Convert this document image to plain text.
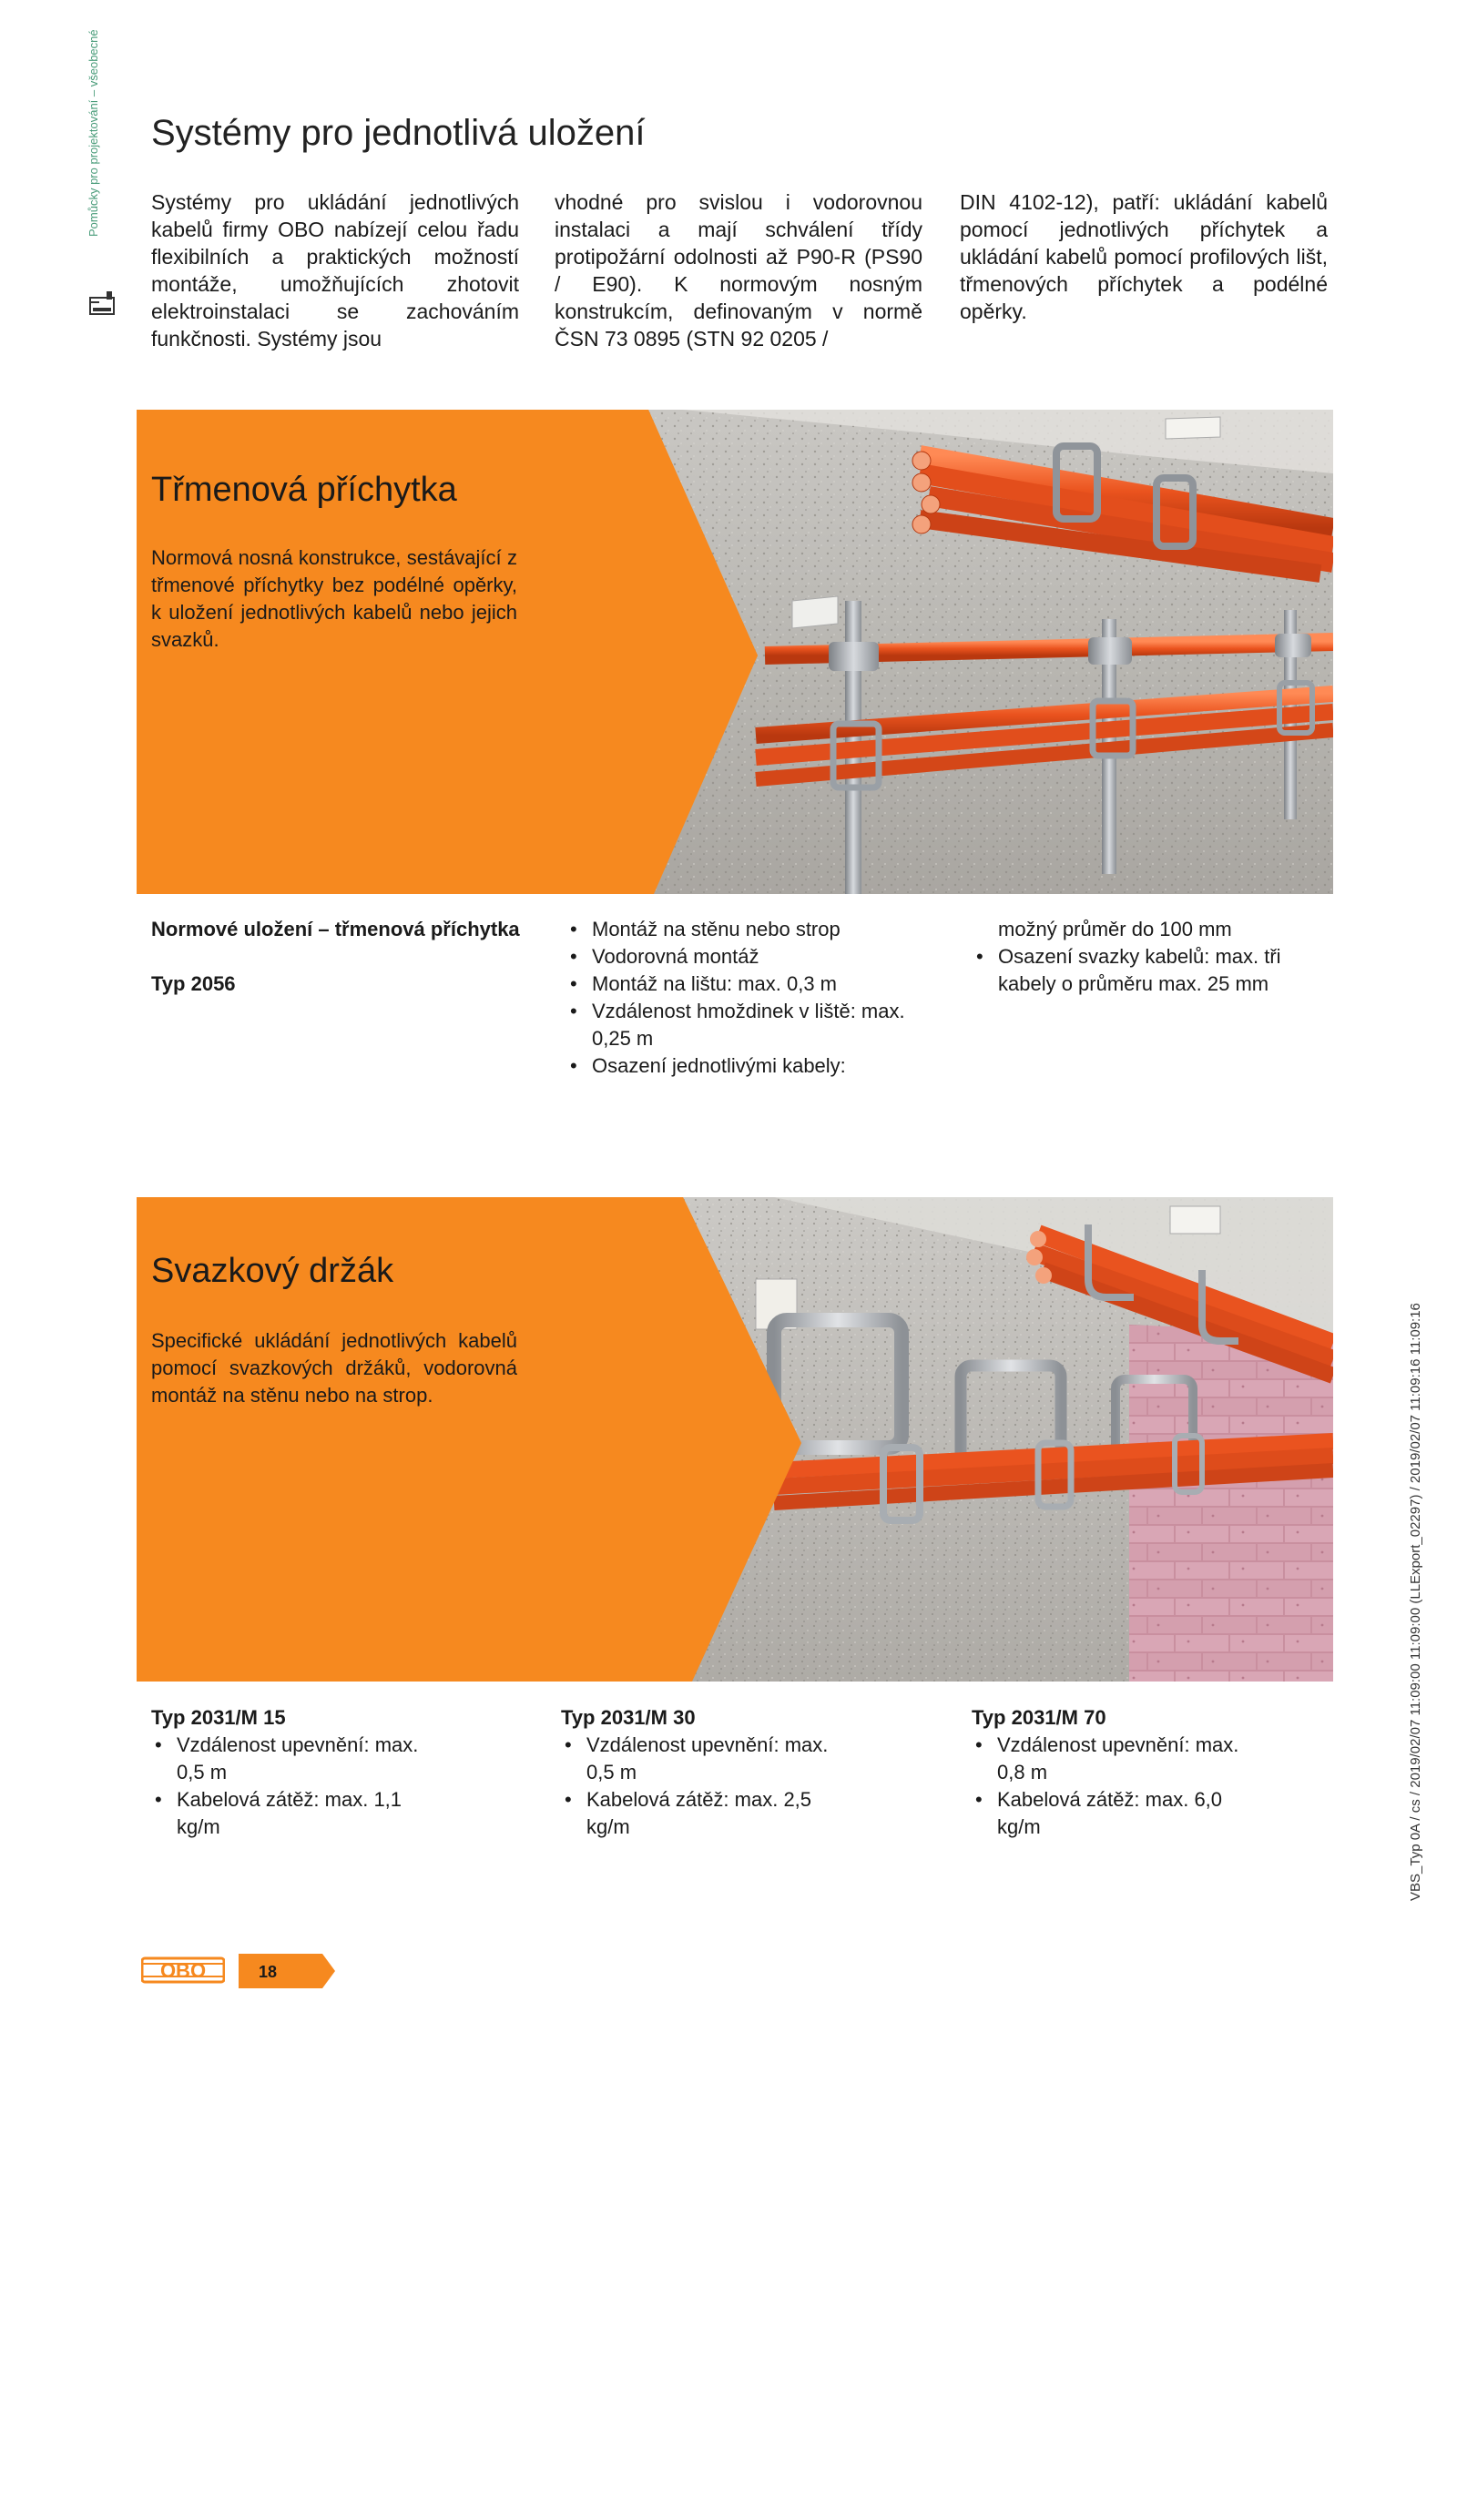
Pomůcky pro projektování – všeobecné Systémy pro jednotlivá uložení
Systémy pro ukládání jednotlivých kabelů firmy OBO nabízejí celou řadu flexibilních a praktických možností montáže, umožňujících zhotovit elektroinstalaci se zachováním funkčnosti. Systémy jsou
vhodné pro svislou i vodorovnou instalaci a mají schválení třídy protipožární odolnosti až P90-R (PS90 / E90). K normovým nosným konstrukcím, definovaným v normě ČSN 73 0895 (STN 92 0205 /
DIN 4102-12), patří: ukládání kabelů pomocí jednotlivých příchytek a ukládání kabelů pomocí profilových lišt, třmenových příchytek a podélné opěrky.
Třmenová příchytka
Normová nosná konstrukce, sestávající z třmenové příchytky bez podélné opěrky, k uložení jednotlivých kabelů nebo jejich svazků.
Normové uložení – třmenová příchytka
Typ 2056
• Montáž na stěnu nebo strop
• Vodorovná montáž
• Montáž na lištu: max. 0,3 m
• Vzdálenost hmoždinek v liště: max. 0,25 m
• Osazení jednotlivými kabely:
možný průměr do 100 mm
• Osazení svazky kabelů: max. tři kabely o průměru max. 25 mm
Svazkový držák
Specifické ukládání jednotlivých kabelů pomocí svazkových držáků, vodorovná montáž na stěnu nebo na strop.
Typ 2031/M 15
• Vzdálenost upevnění: max. 0,5 m
• Kabelová zátěž: max. 1,1 kg/m
Typ 2031/M 30
• Vzdálenost upevnění: max. 0,5 m
• Kabelová zátěž: max. 2,5 kg/m
Typ 2031/M 70
• Vzdálenost upevnění: max. 0,8 m
• Kabelová zátěž: max. 6,0 kg/m	VBS_Typ 0A / cs / 2019/02/07 11:09:00 11:09:00 (LLExport_02297) / 2019/02/07 11:09:16 11:09:16
OBO	18
